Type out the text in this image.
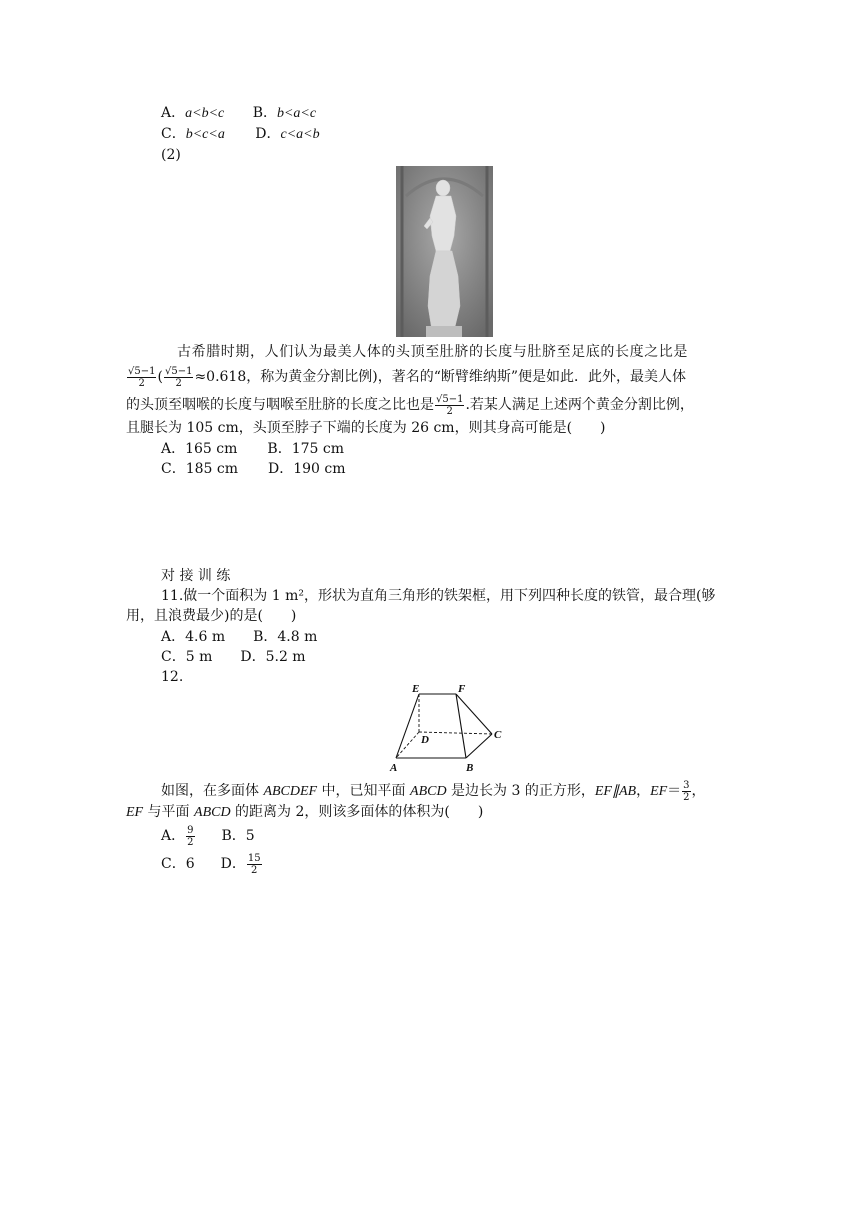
A．a<b<c B．b<a<c
C．b<c<a D．c<a<b
(2)
古希腊时期，人们认为最美人体的头顶至肚脐的长度与肚脐至足底的长度之比是
$\frac{√5-1}{2}$ ( $\frac{√5-1}{2} \approx 0.618$，称为黄金分割比例)，著名的“断臂维纳斯”便是如此．此外，最美人体
的头顶至咽喉的长度与咽喉至肚脐的长度之比也是 $\frac{√5-1}{2}$ .若某人满足上述两个黄金分割比例，
且腿长为 105 cm，头顶至脖子下端的长度为 26 cm，则其身高可能是(　　)
A．165 cm B．175 cm
C．185 cm D．190 cm
对 接 训 练
11.做一个面积为 1 m²，形状为直角三角形的铁架框，用下列四种长度的铁管，最合理(够
用，且浪费最少)的是(　　)
A．4.6 m B．4.8 m
C．5 m D．5.2 m
12.
E	F
D	C
A	B
如图，在多面体 ABCDEF 中，已知平面 ABCD 是边长为 3 的正方形，EF∥AB，$EF= \frac{3}{2}$ ，
EF 与平面 ABCD 的距离为 2，则该多面体的体积为(　　)
A． $\frac{9}{2}$ B．5
C．6 D． $\frac{15}{2}$
